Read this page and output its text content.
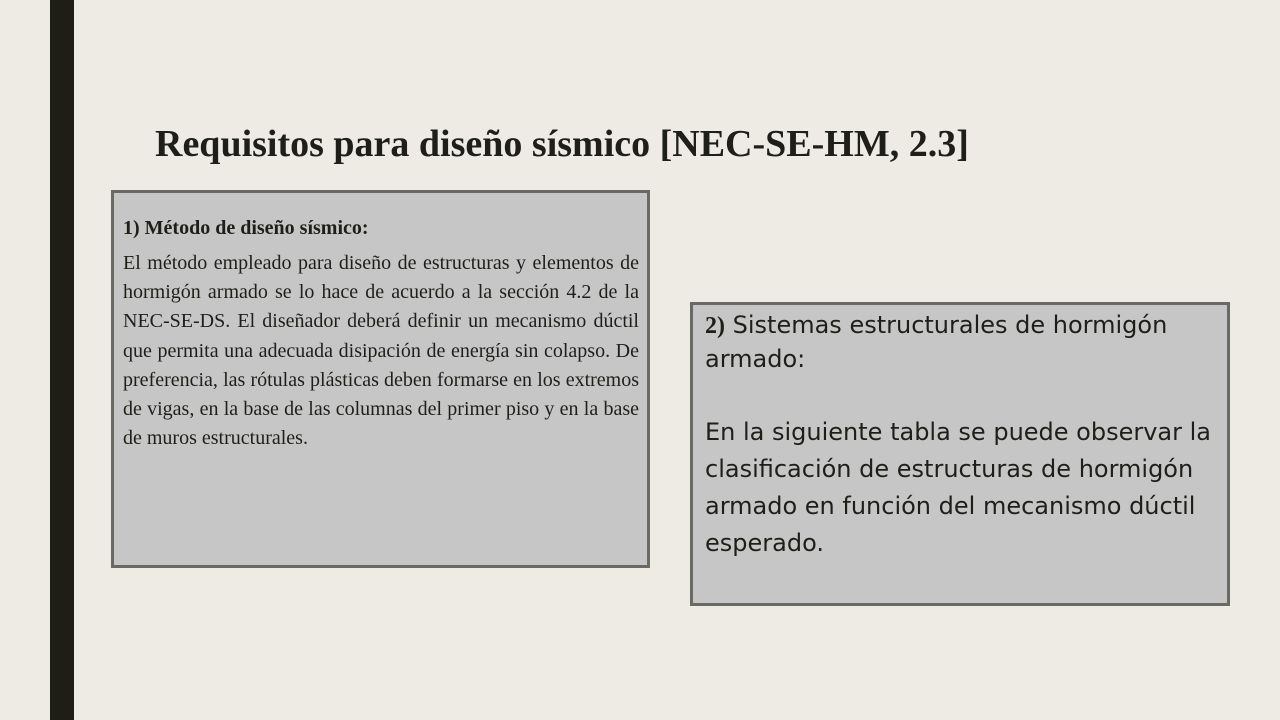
Requisitos para diseño sísmico [NEC-SE-HM, 2.3]

1) Método de diseño sísmico:

El método empleado para diseño de estructuras y elementos de hormigón armado se lo hace de acuerdo a la sección 4.2 de la NEC-SE-DS. El diseñador deberá definir un mecanismo dúctil que permita una adecuada disipación de energía sin colapso. De preferencia, las rótulas plásticas deben formarse en los extremos de vigas, en la base de las columnas del primer piso y en la base de muros estructurales.

2) Sistemas estructurales de hormigón armado:

En la siguiente tabla se puede observar la clasificación de estructuras de hormigón armado en función del mecanismo dúctil esperado.
